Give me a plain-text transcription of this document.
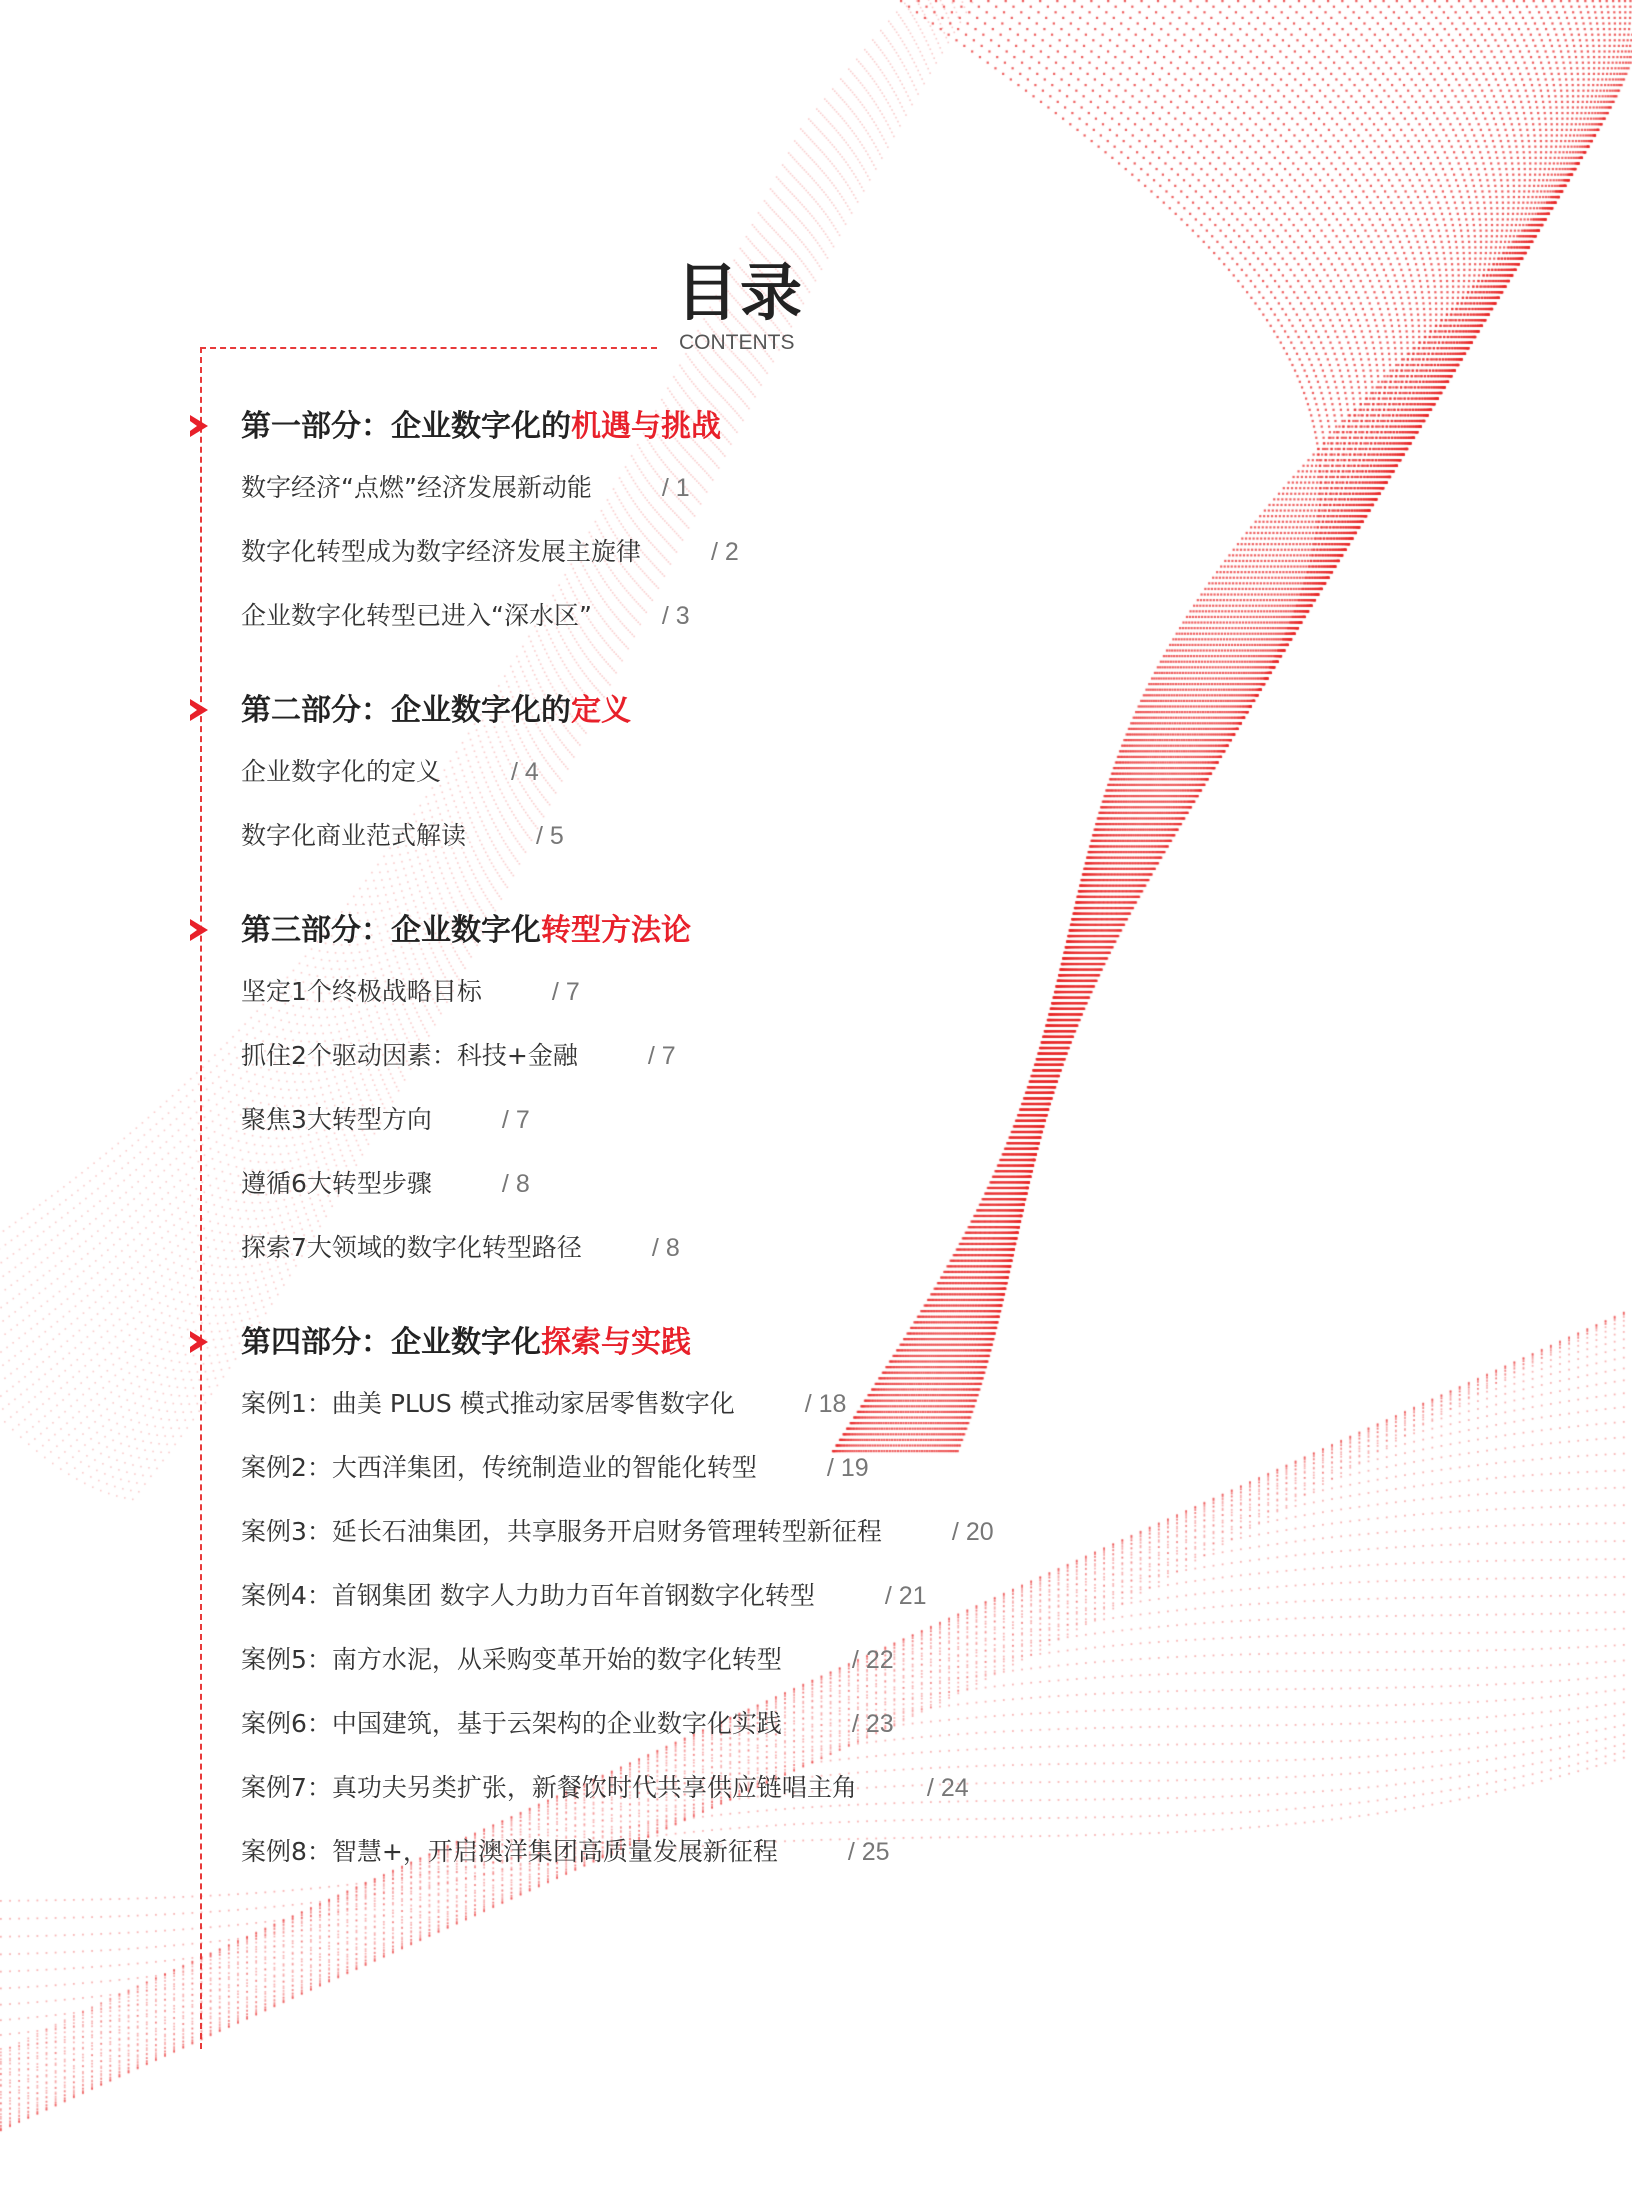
目录
CONTENTS
第一部分：企业数字化的机遇与挑战
数字经济“点燃”经济发展新动能	/ 1
数字化转型成为数字经济发展主旋律	/ 2
企业数字化转型已进入“深水区”	/ 3
第二部分：企业数字化的定义
企业数字化的定义	/ 4
数字化商业范式解读	/ 5
第三部分：企业数字化转型方法论
坚定1个终极战略目标	/ 7
抓住2个驱动因素：科技+金融	/ 7
聚焦3大转型方向	/ 7
遵循6大转型步骤	/ 8
探索7大领域的数字化转型路径	/ 8
第四部分：企业数字化探索与实践
案例1：曲美 PLUS 模式推动家居零售数字化	/ 18
案例2：大西洋集团，传统制造业的智能化转型	/ 19
案例3：延长石油集团，共享服务开启财务管理转型新征程	/ 20
案例4：首钢集团 数字人力助力百年首钢数字化转型	/ 21
案例5：南方水泥，从采购变革开始的数字化转型	/ 22
案例6：中国建筑，基于云架构的企业数字化实践	/ 23
案例7：真功夫另类扩张，新餐饮时代共享供应链唱主角	/ 24
案例8：智慧+，开启澳洋集团高质量发展新征程	/ 25
